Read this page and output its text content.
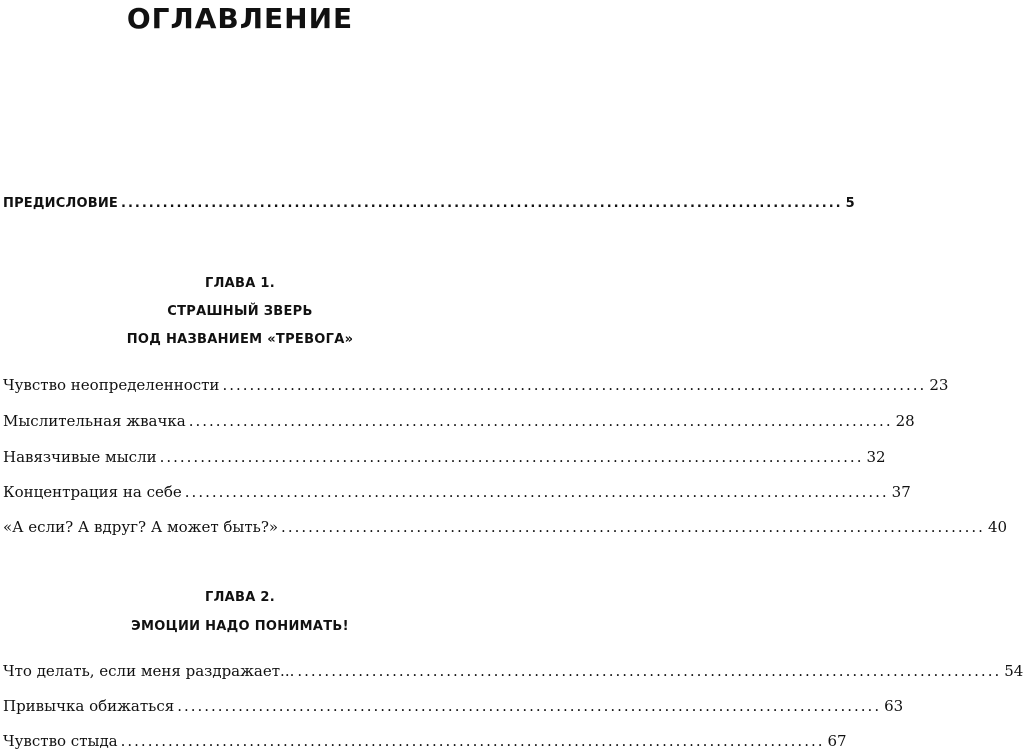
ОГЛАВЛЕНИЕ
ПРЕДИСЛОВИЕ ........................................................................................................ 5
ГЛАВА 1.
СТРАШНЫЙ ЗВЕРЬ
ПОД НАЗВАНИЕМ «ТРЕВОГА»
Чувство неопределенности ........................................................................................................ 23
Мыслительная жвачка ........................................................................................................ 28
Навязчивые мысли ........................................................................................................ 32
Концентрация на себе ........................................................................................................ 37
«А если? А вдруг? А может быть?» ........................................................................................................ 40
ГЛАВА 2.
ЭМОЦИИ НАДО ПОНИМАТЬ!
Что делать, если меня раздражает... ........................................................................................................ 54
Привычка обижаться ........................................................................................................ 63
Чувство стыда ........................................................................................................ 67
